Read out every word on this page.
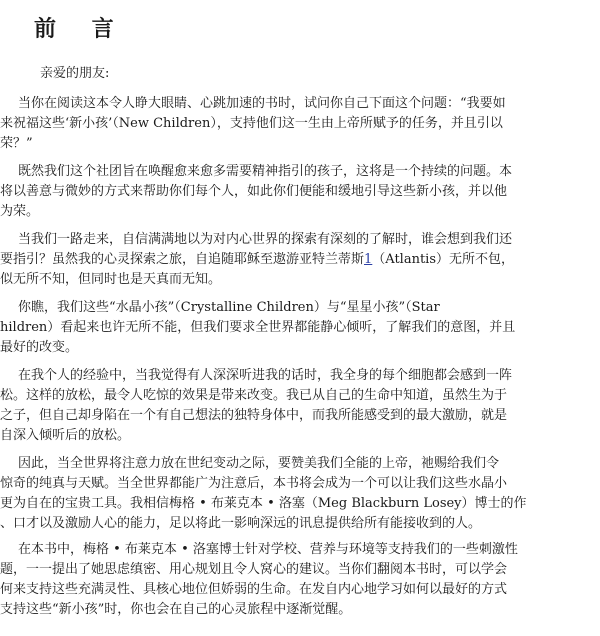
前 言

亲爱的朋友:

当你在阅读这本令人睁大眼睛、心跳加速的书时，试问你自己下面这个问题：“我要如
来祝福这些‘新小孩’（New Children），支持他们这一生由上帝所赋予的任务，并且引以
荣？”

既然我们这个社团旨在唤醒愈来愈多需要精神指引的孩子，这将是一个持续的问题。本
将以善意与微妙的方式来帮助你们每个人，如此你们便能和缓地引导这些新小孩，并以他
为荣。

当我们一路走来，自信满满地以为对内心世界的探索有深刻的了解时，谁会想到我们还
要指引？虽然我的心灵探索之旅，自追随耶稣至遨游亚特兰蒂斯1（Atlantis）无所不包，
似无所不知，但同时也是天真而无知。

你瞧，我们这些“水晶小孩”（Crystalline Children）与“星星小孩”（Star
hildren）看起来也许无所不能，但我们要求全世界都能静心倾听，了解我们的意图，并且
最好的改变。

在我个人的经验中，当我觉得有人深深听进我的话时，我全身的每个细胞都会感到一阵
松。这样的放松，最令人吃惊的效果是带来改变。我已从自己的生命中知道，虽然生为于
之子，但自己却身陷在一个有自己想法的独特身体中，而我所能感受到的最大激励，就是
自深入倾听后的放松。

因此，当全世界将注意力放在世纪变动之际，要赞美我们全能的上帝，祂赐给我们令
惊奇的纯真与天赋。当全世界都能广为注意后，本书将会成为一个可以让我们这些水晶小
更为自在的宝贵工具。我相信梅格 • 布莱克本 • 洛塞（Meg Blackburn Losey）博士的作
、口才以及激励人心的能力，足以将此一影响深远的讯息提供给所有能接收到的人。

在本书中，梅格 • 布莱克本 • 洛塞博士针对学校、营养与环境等支持我们的一些刺激性
题，一一提出了她思虑缜密、用心规划且令人窝心的建议。当你们翻阅本书时，可以学会
何来支持这些充满灵性、具核心地位但娇弱的生命。在发自内心地学习如何以最好的方式
支持这些“新小孩”时，你也会在自己的心灵旅程中逐渐觉醒。
